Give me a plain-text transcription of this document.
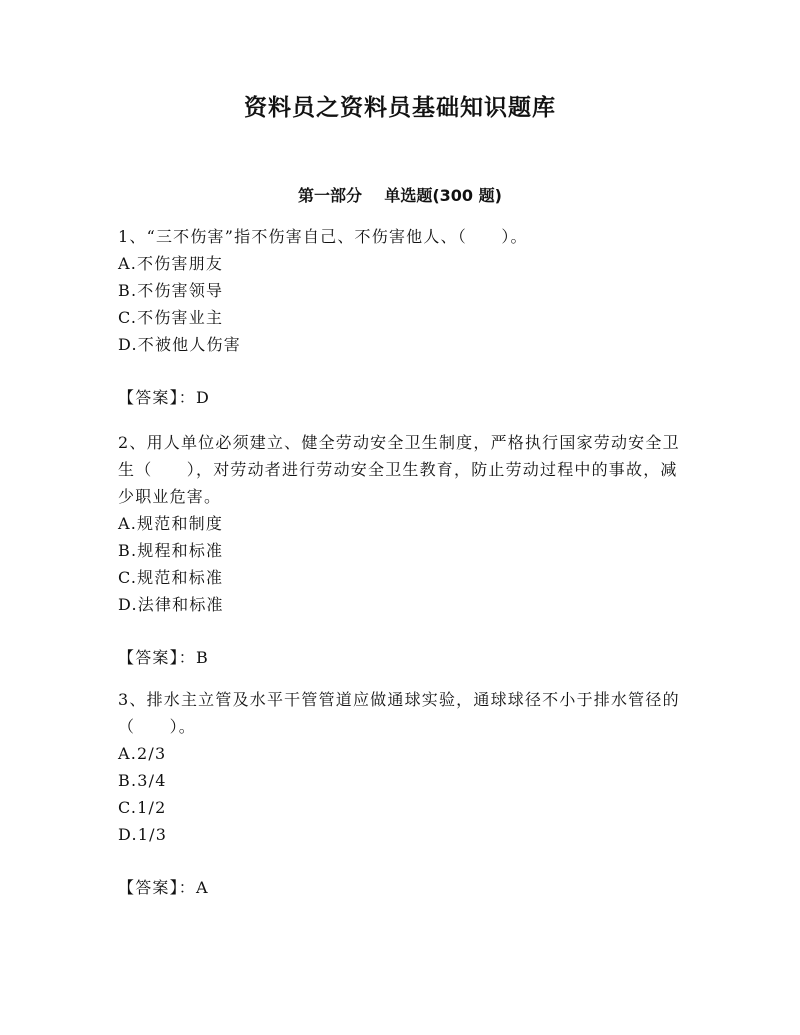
资料员之资料员基础知识题库
第一部分    单选题(300 题)

1、“三不伤害”指不伤害自己、不伤害他人、（　　）。

A.不伤害朋友

B.不伤害领导

C.不伤害业主

D.不被他人伤害

【答案】：D

2、用人单位必须建立、健全劳动安全卫生制度，严格执行国家劳动安全卫生（　　），对劳动者进行劳动安全卫生教育，防止劳动过程中的事故，减少职业危害。

A.规范和制度

B.规程和标准

C.规范和标准

D.法律和标准

【答案】：B

3、排水主立管及水平干管管道应做通球实验，通球球径不小于排水管径的（　　）。

A.2/3

B.3/4

C.1/2

D.1/3

【答案】：A
